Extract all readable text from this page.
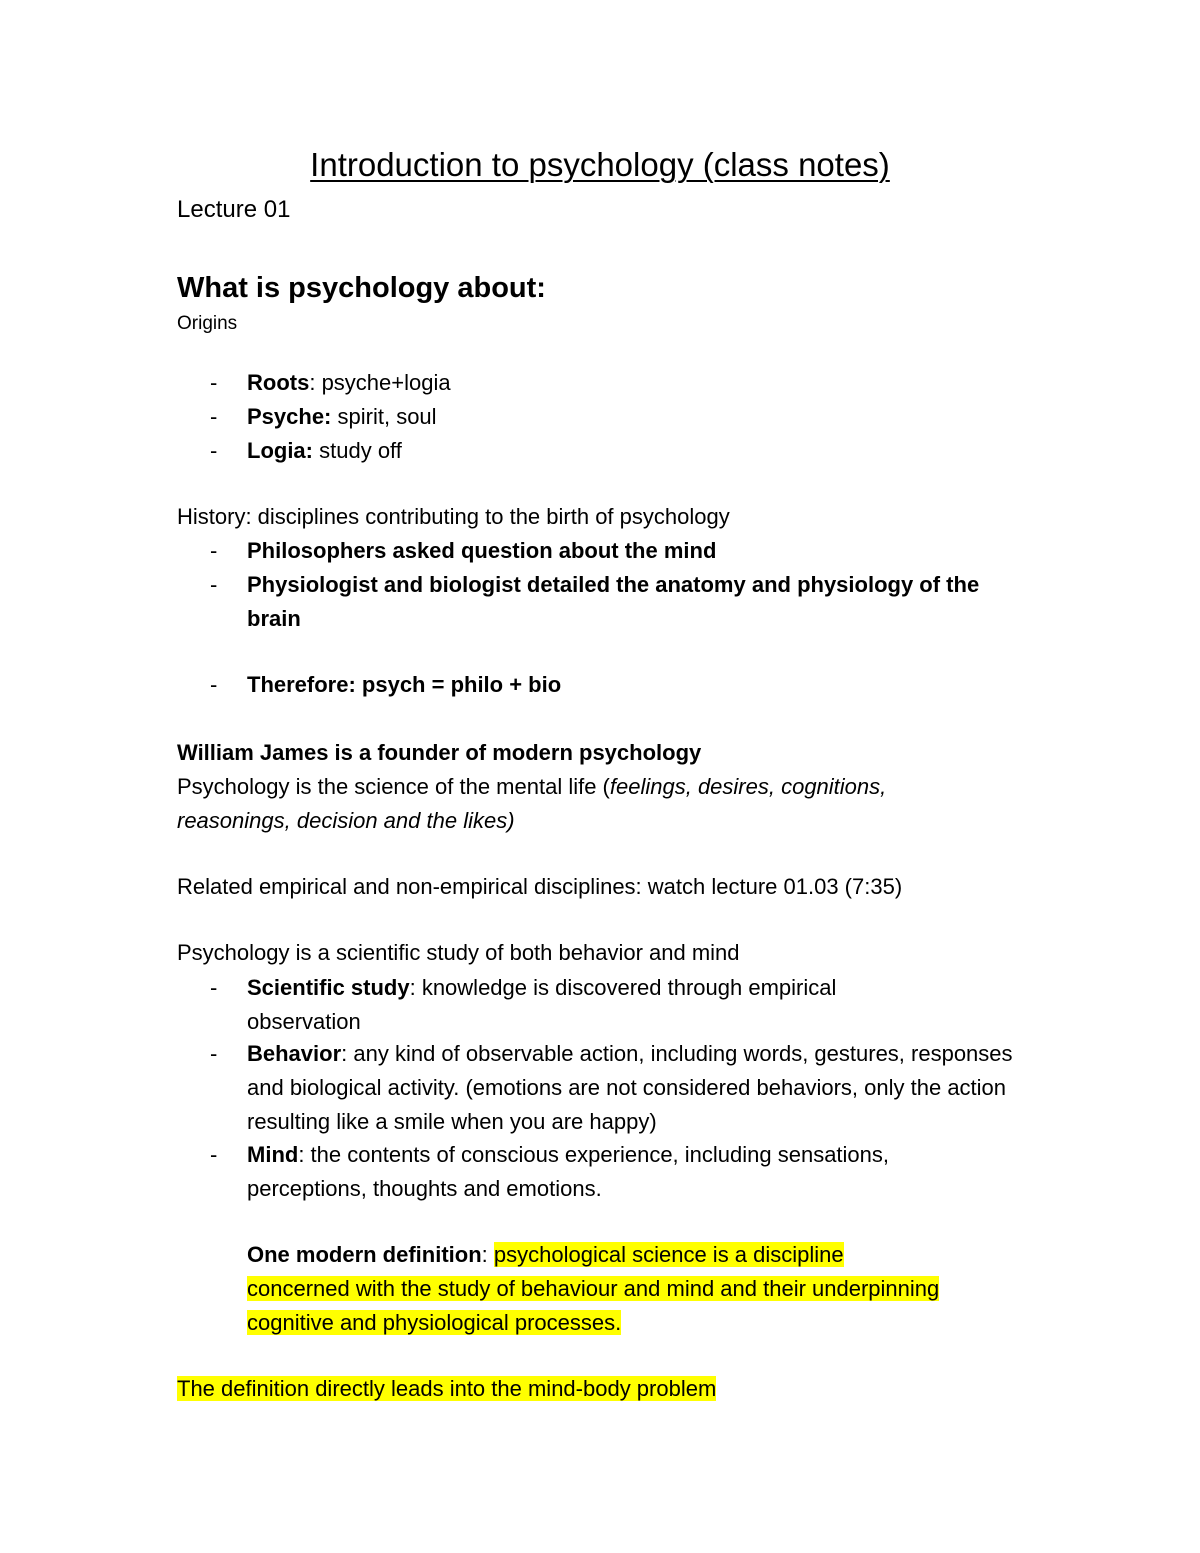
Introduction to psychology (class notes)
Lecture 01
What is psychology about:
Origins
- Roots: psyche+logia
- Psyche: spirit, soul
- Logia: study off
History: disciplines contributing to the birth of psychology
- Philosophers asked question about the mind
- Physiologist and biologist detailed the anatomy and physiology of the brain
- Therefore: psych = philo + bio
William James is a founder of modern psychology
Psychology is the science of the mental life (feelings, desires, cognitions, reasonings, decision and the likes)
Related empirical and non-empirical disciplines: watch lecture 01.03 (7:35)
Psychology is a scientific study of both behavior and mind
- Scientific study: knowledge is discovered through empirical observation
- Behavior: any kind of observable action, including words, gestures, responses and biological activity. (emotions are not considered behaviors, only the action resulting like a smile when you are happy)
- Mind: the contents of conscious experience, including sensations, perceptions, thoughts and emotions.
One modern definition: psychological science is a discipline concerned with the study of behaviour and mind and their underpinning cognitive and physiological processes.
The definition directly leads into the mind-body problem
